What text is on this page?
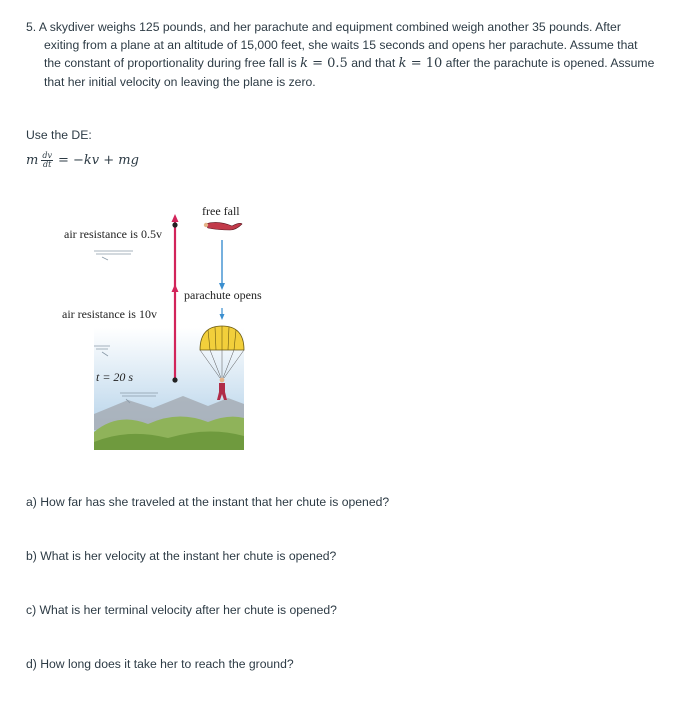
5. A skydiver weighs 125 pounds, and her parachute and equipment combined weigh another 35 pounds. After exiting from a plane at an altitude of 15,000 feet, she waits 15 seconds and opens her parachute. Assume that the constant of proportionality during free fall is k = 0.5 and that k = 10 after the parachute is opened. Assume that her initial velocity on leaving the plane is zero.
Use the DE:
m $\frac{dv}{dt} = -kv$ + mg
free fall
air resistance is 0.5v
parachute opens
air resistance is 10v
t = 20 s
a) How far has she traveled at the instant that her chute is opened?
b) What is her velocity at the instant her chute is opened?
c) What is her terminal velocity after her chute is opened?
d) How long does it take her to reach the ground?
